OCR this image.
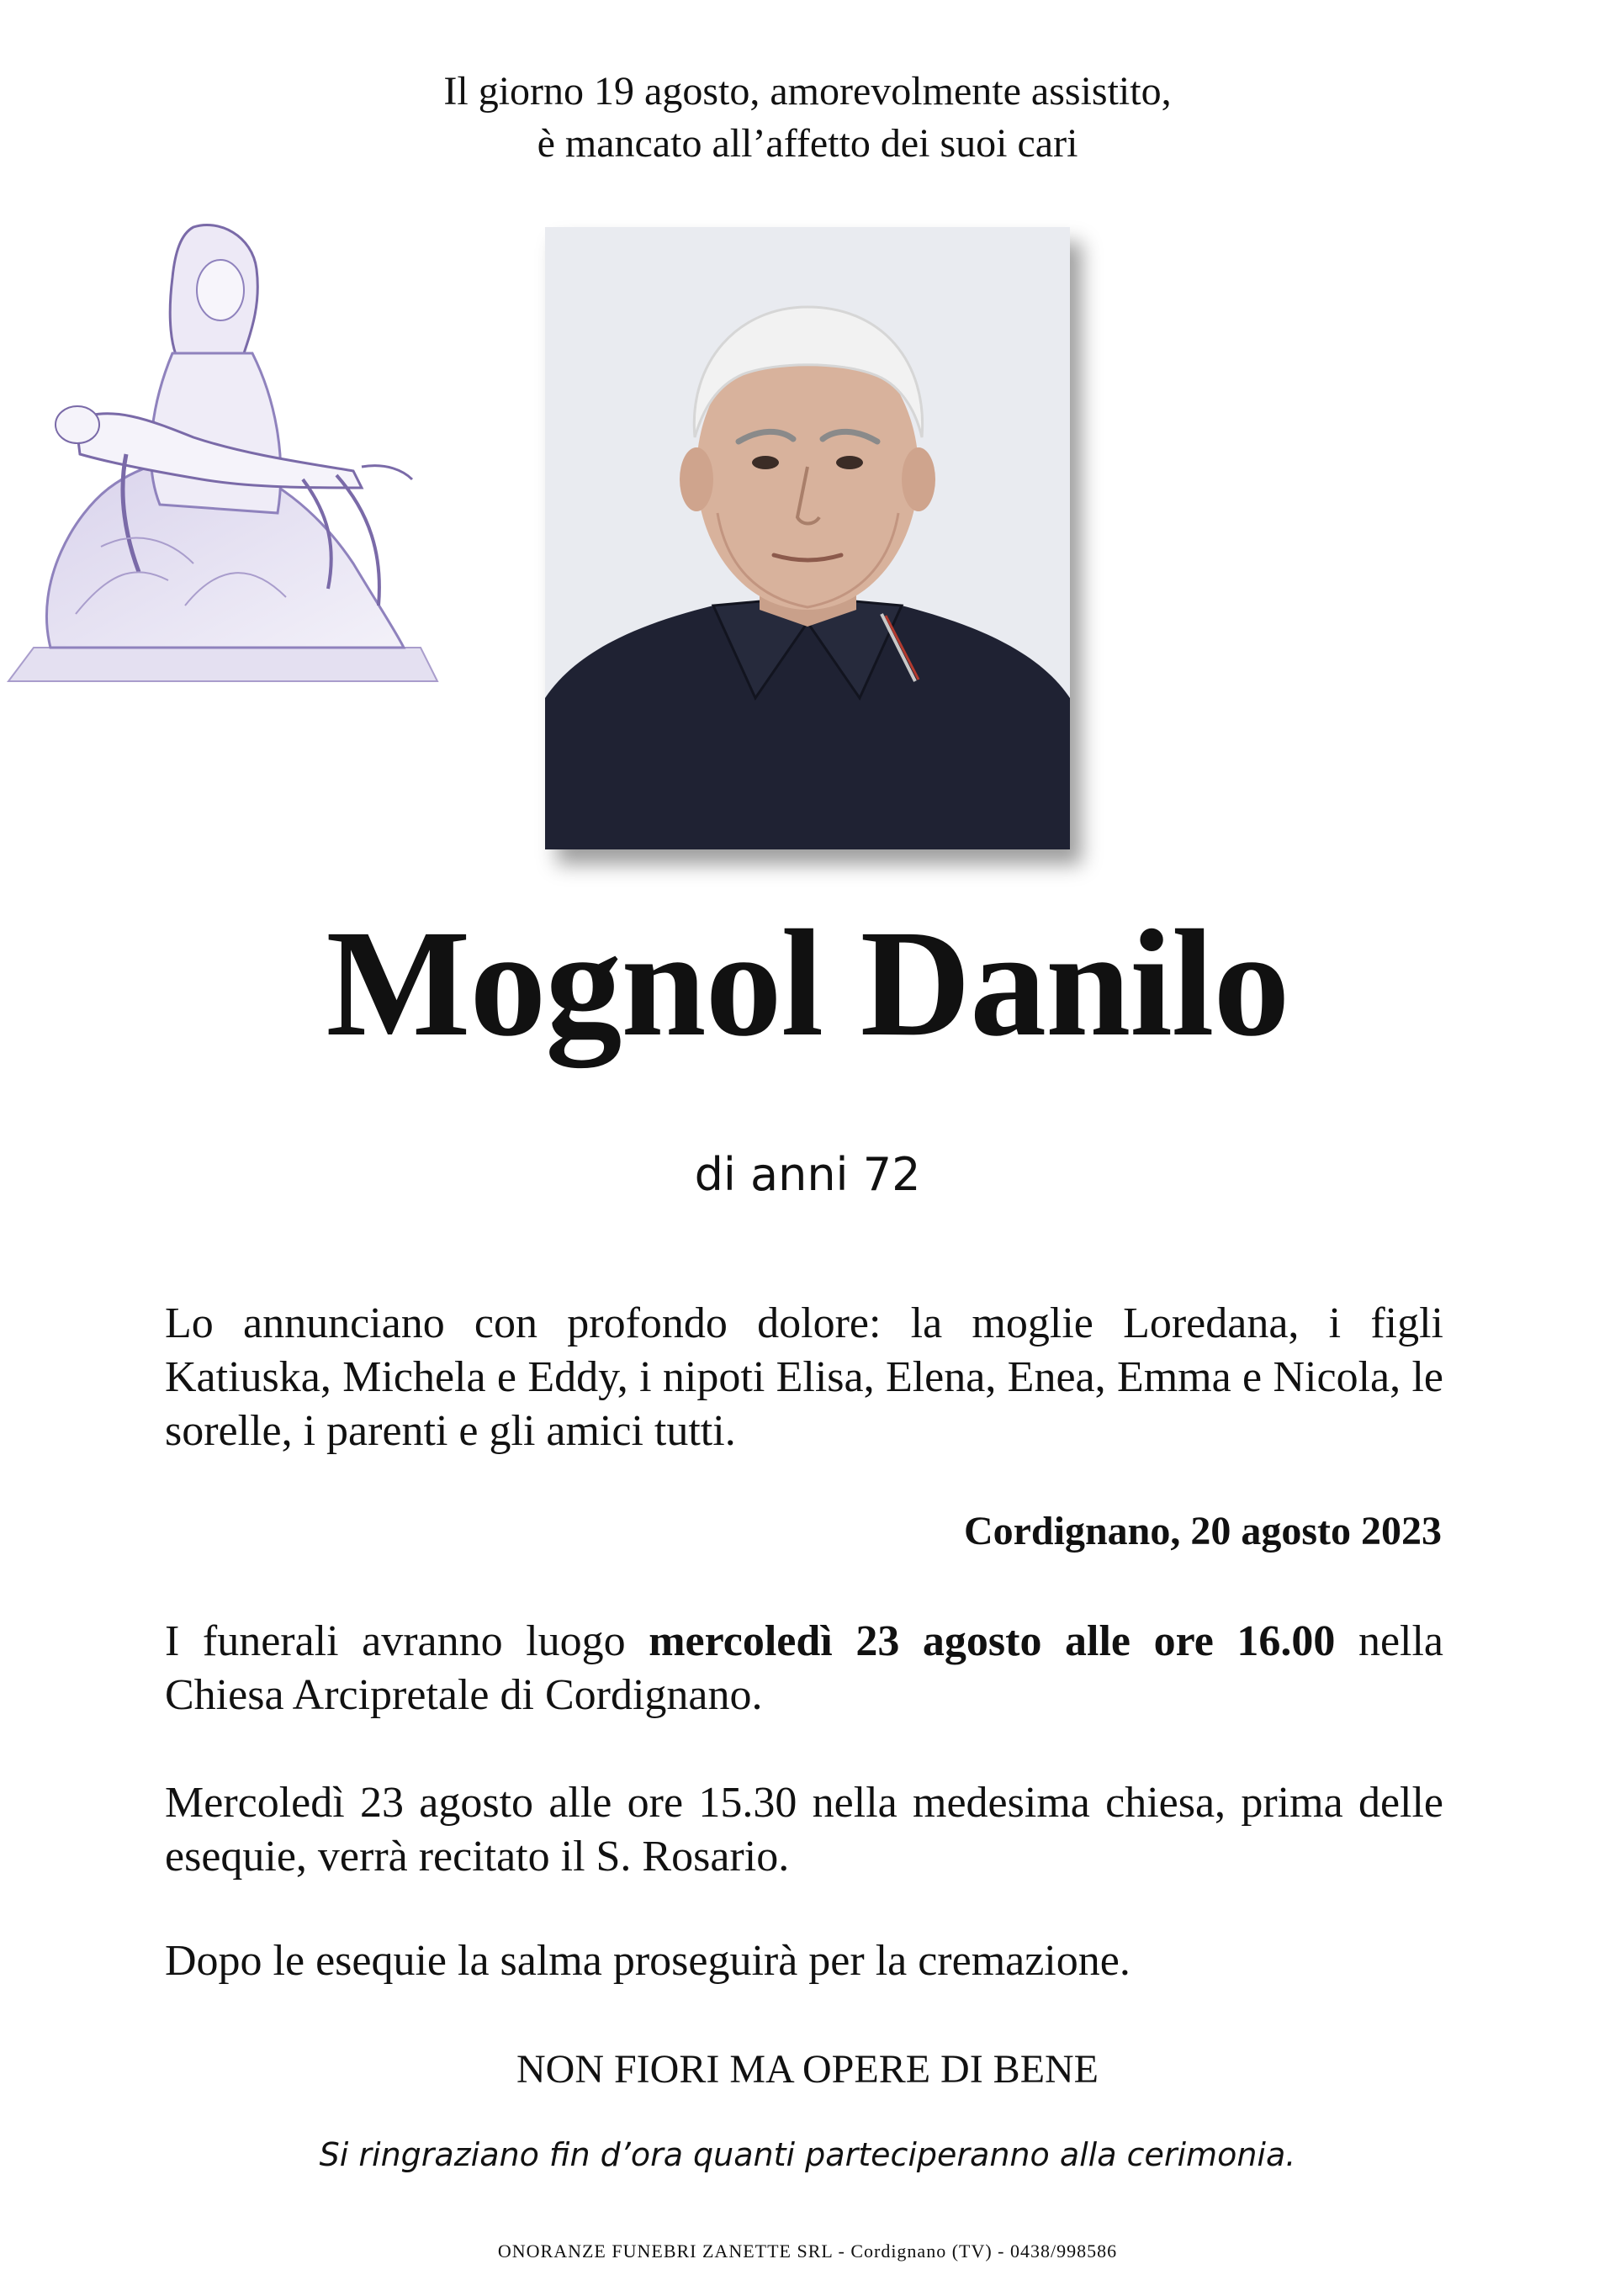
Il giorno 19 agosto, amorevolmente assistito,
è mancato all’affetto dei suoi cari
Mognol Danilo
di anni 72
Lo annunciano con profondo dolore: la moglie Loredana, i figli Katiuska, Michela e Eddy, i nipoti Elisa, Elena, Enea, Emma e Nicola, le sorelle, i parenti e gli amici tutti.
Cordignano, 20 agosto 2023
I funerali avranno luogo mercoledì 23 agosto alle ore 16.00 nella Chiesa Arcipretale di Cordignano.
Mercoledì 23 agosto alle ore 15.30 nella medesima chiesa, prima delle esequie, verrà recitato il S. Rosario.
Dopo le esequie la salma proseguirà per la cremazione.
NON FIORI MA OPERE DI BENE
Si ringraziano fin d’ora quanti parteciperanno alla cerimonia.
ONORANZE FUNEBRI ZANETTE SRL - Cordignano (TV) - 0438/998586
